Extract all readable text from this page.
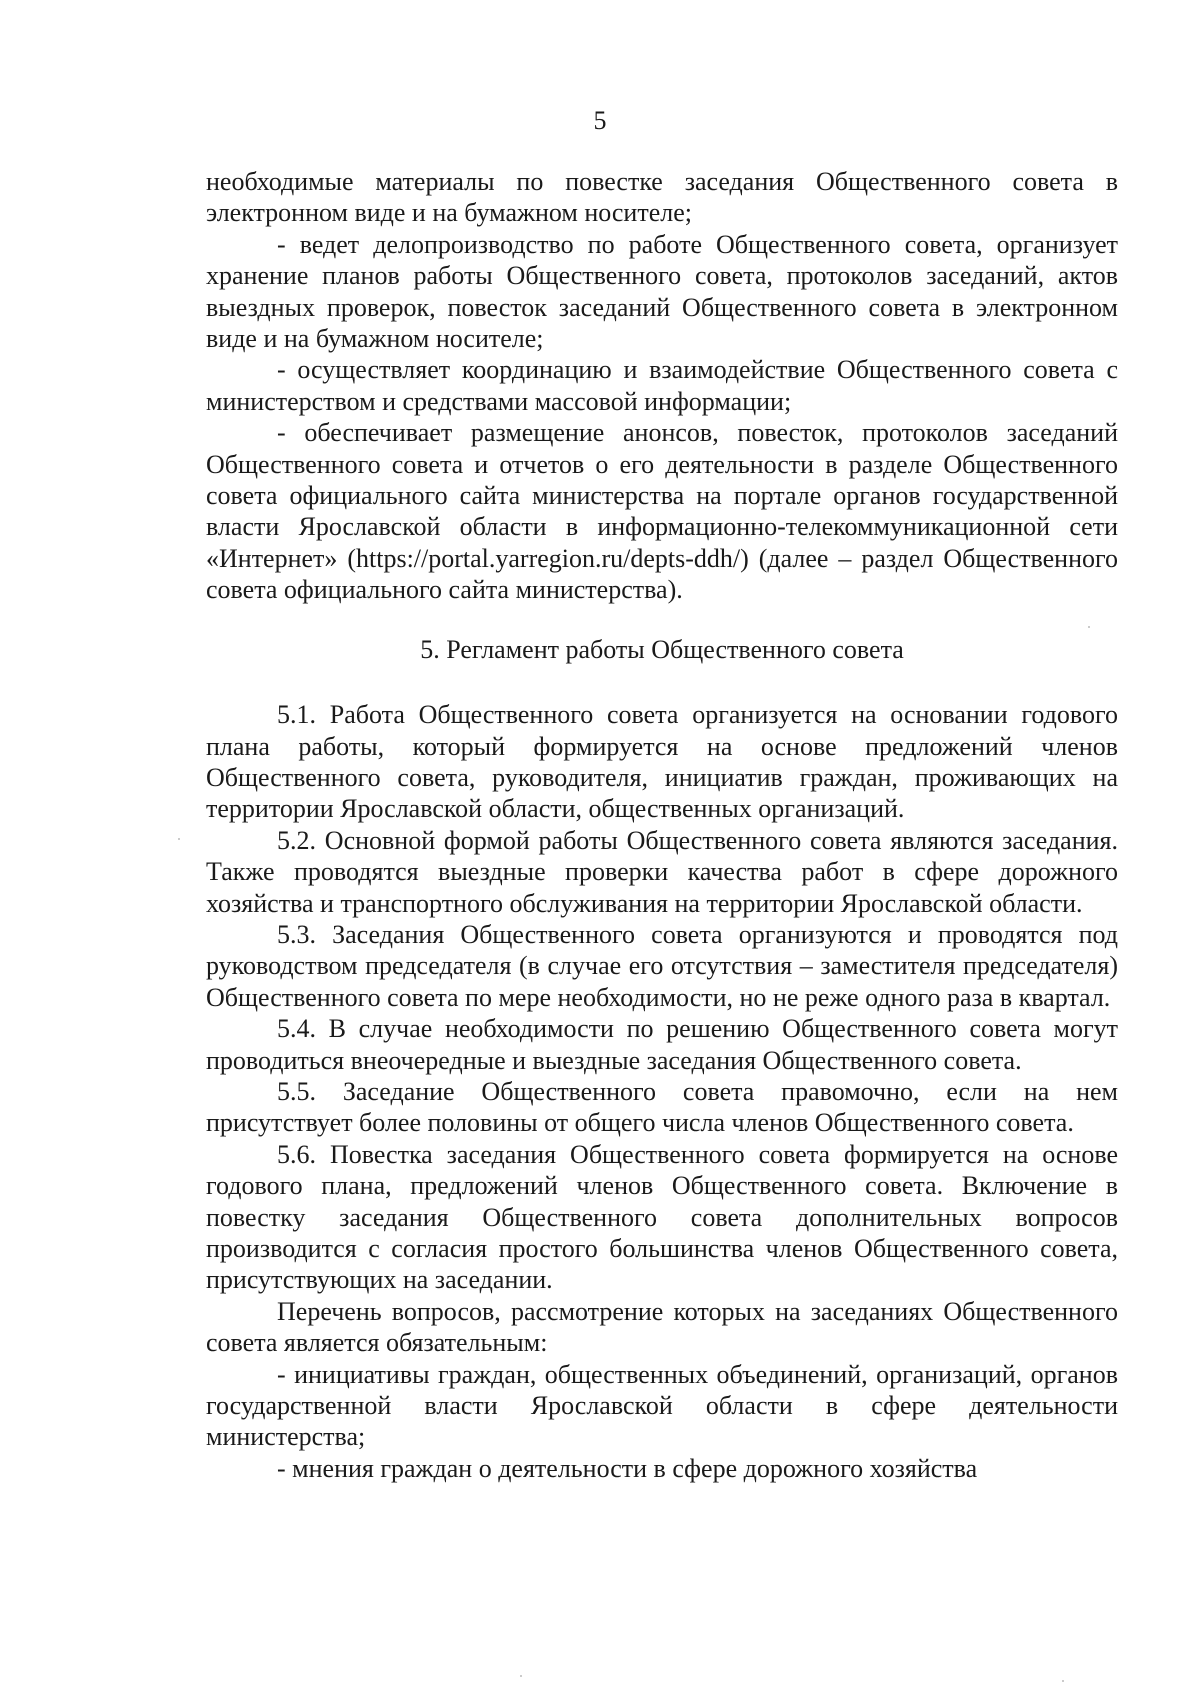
5

необходимые материалы по повестке заседания Общественного совета в электронном виде и на бумажном носителе;

- ведет делопроизводство по работе Общественного совета, организует хранение планов работы Общественного совета, протоколов заседаний, актов выездных проверок, повесток заседаний Общественного совета в электронном виде и на бумажном носителе;

- осуществляет координацию и взаимодействие Общественного совета с министерством и средствами массовой информации;

- обеспечивает размещение анонсов, повесток, протоколов заседаний Общественного совета и отчетов о его деятельности в разделе Общественного совета официального сайта министерства на портале органов государственной власти Ярославской области в информационно-телекоммуникационной сети «Интернет» (https://portal.yarregion.ru/depts-ddh/) (далее – раздел Общественного совета официального сайта министерства).

5. Регламент работы Общественного совета

5.1. Работа Общественного совета организуется на основании годового плана работы, который формируется на основе предложений членов Общественного совета, руководителя, инициатив граждан, проживающих на территории Ярославской области, общественных организаций.

5.2. Основной формой работы Общественного совета являются заседания. Также проводятся выездные проверки качества работ в сфере дорожного хозяйства и транспортного обслуживания на территории Ярославской области.

5.3. Заседания Общественного совета организуются и проводятся под руководством председателя (в случае его отсутствия – заместителя председателя) Общественного совета по мере необходимости, но не реже одного раза в квартал.

5.4. В случае необходимости по решению Общественного совета могут проводиться внеочередные и выездные заседания Общественного совета.

5.5. Заседание Общественного совета правомочно, если на нем присутствует более половины от общего числа членов Общественного совета.

5.6. Повестка заседания Общественного совета формируется на основе годового плана, предложений членов Общественного совета. Включение в повестку заседания Общественного совета дополнительных вопросов производится с согласия простого большинства членов Общественного совета, присутствующих на заседании.

Перечень вопросов, рассмотрение которых на заседаниях Общественного совета является обязательным:

- инициативы граждан, общественных объединений, организаций, органов государственной власти Ярославской области в сфере деятельности министерства;

- мнения граждан о деятельности в сфере дорожного хозяйства
